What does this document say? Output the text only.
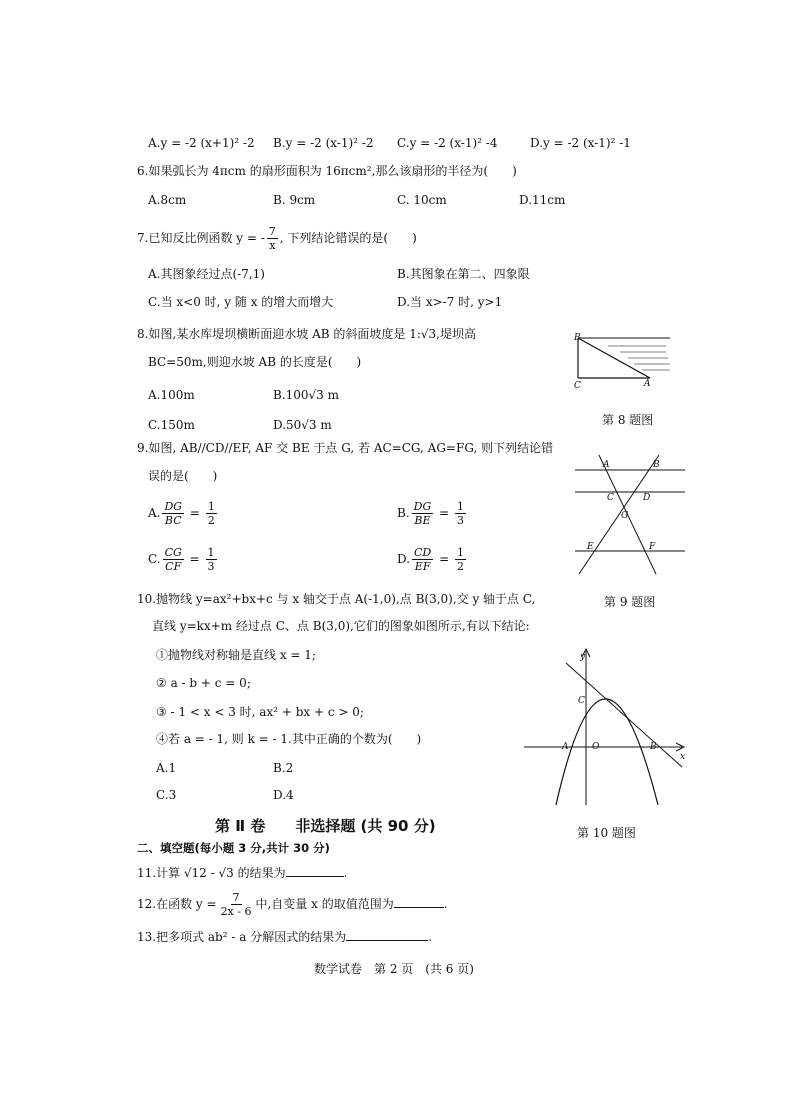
A.y = -2 (x+1)² -2 B.y = -2 (x-1)² -2 C.y = -2 (x-1)² -4	D.y = -2 (x-1)² -1
6.如果弧长为 4πcm 的扇形面积为 16πcm²,那么该扇形的半径为(　　)
A.8cm	B. 9cm	C. 10cm	D.11cm
7.已知反比例函数 y = - $\frac{7}{x}$ , 下列结论错误的是(　　)
A.其图象经过点(-7,1)	B.其图象在第二、四象限
C.当 x<0 时, y 随 x 的增大而增大	D.当 x>-7 时, y>1
8.如图,某水库堤坝横断面迎水坡 AB 的斜面坡度是 1:√3,堤坝高
BC=50m,则迎水坡 AB 的长度是(　　)
A.100m	B.100√3 m
C.150m	D.50√3 m
B
C	A
第 8 题图
9.如图, AB//CD//EF, AF 交 BE 于点 G, 若 AC=CG, AG=FG, 则下列结论错
误的是(　　)
A. $\frac{DG}{BC} = \frac{1}{2}$	B. $\frac{DG}{BE} = \frac{1}{3}$
C. $\frac{CG}{CF} = \frac{1}{3}$	D. $\frac{CD}{EF} = \frac{1}{2}$
A	B
C	D
G
E	F
10.抛物线 y=ax²+bx+c 与 x 轴交于点 A(-1,0),点 B(3,0),交 y 轴于点 C,	第 9 题图
直线 y=kx+m 经过点 C、点 B(3,0),它们的图象如图所示,有以下结论:
①抛物线对称轴是直线 x = 1;
② a - b + c = 0;
③ - 1 < x < 3 时, ax² + bx + c > 0;
④若 a = - 1, 则 k = - 1.其中正确的个数为(　　)
A.1	B.2
C.3	D.4
y
x
C
A	O	B
第 10 题图
第 Ⅱ 卷　　非选择题 (共 90 分)
二、填空题(每小题 3 分,共计 30 分)
11.计算 √12 - √3 的结果为	.
12.在函数 $y = \frac{7}{2x - 6}$ 中,自变量 x 的取值范围为	.
13.把多项式 ab² - a 分解因式的结果为	.
数学试卷　第 2 页　(共 6 页)
